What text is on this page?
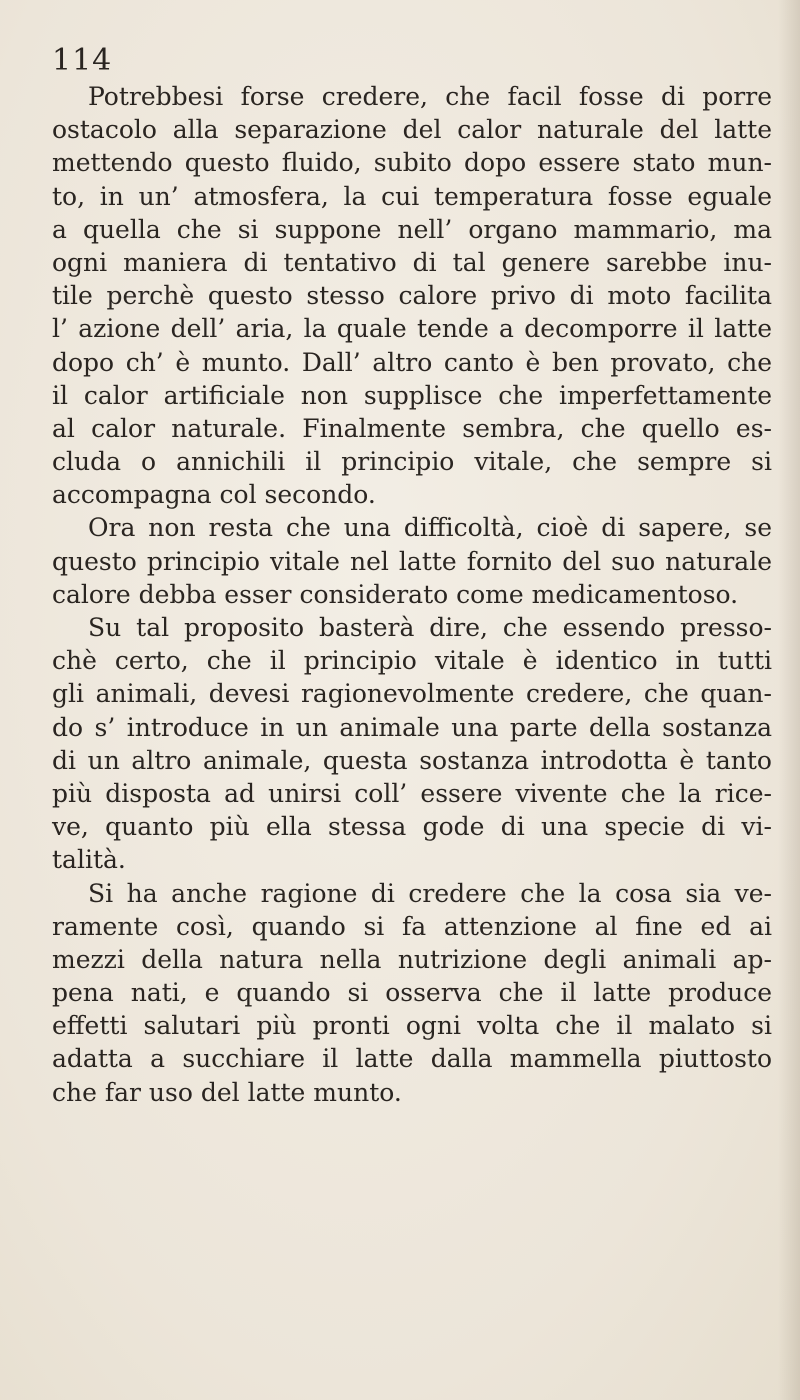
114
Potrebbesi forse credere, che facil fosse di porre
ostacolo alla separazione del calor naturale del latte
mettendo questo fluido, subito dopo essere stato mun-
to, in un’ atmosfera, la cui temperatura fosse eguale
a quella che si suppone nell’ organo mammario, ma
ogni maniera di tentativo di tal genere sarebbe inu-
tile perchè questo stesso calore privo di moto facilita
l’ azione dell’ aria, la quale tende a decomporre il latte
dopo ch’ è munto. Dall’ altro canto è ben provato, che
il calor artificiale non supplisce che imperfettamente
al calor naturale. Finalmente sembra, che quello es-
cluda o annichili il principio vitale, che sempre si
accompagna col secondo.
Ora non resta che una difficoltà, cioè di sapere, se
questo principio vitale nel latte fornito del suo naturale
calore debba esser considerato come medicamentoso.
Su tal proposito basterà dire, che essendo presso-
chè certo, che il principio vitale è identico in tutti
gli animali, devesi ragionevolmente credere, che quan-
do s’ introduce in un animale una parte della sostanza
di un altro animale, questa sostanza introdotta è tanto
più disposta ad unirsi coll’ essere vivente che la rice-
ve, quanto più ella stessa gode di una specie di vi-
talità.
Si ha anche ragione di credere che la cosa sia ve-
ramente così, quando si fa attenzione al fine ed ai
mezzi della natura nella nutrizione degli animali ap-
pena nati, e quando si osserva che il latte produce
effetti salutari più pronti ogni volta che il malato si
adatta a succhiare il latte dalla mammella piuttosto
che far uso del latte munto.
